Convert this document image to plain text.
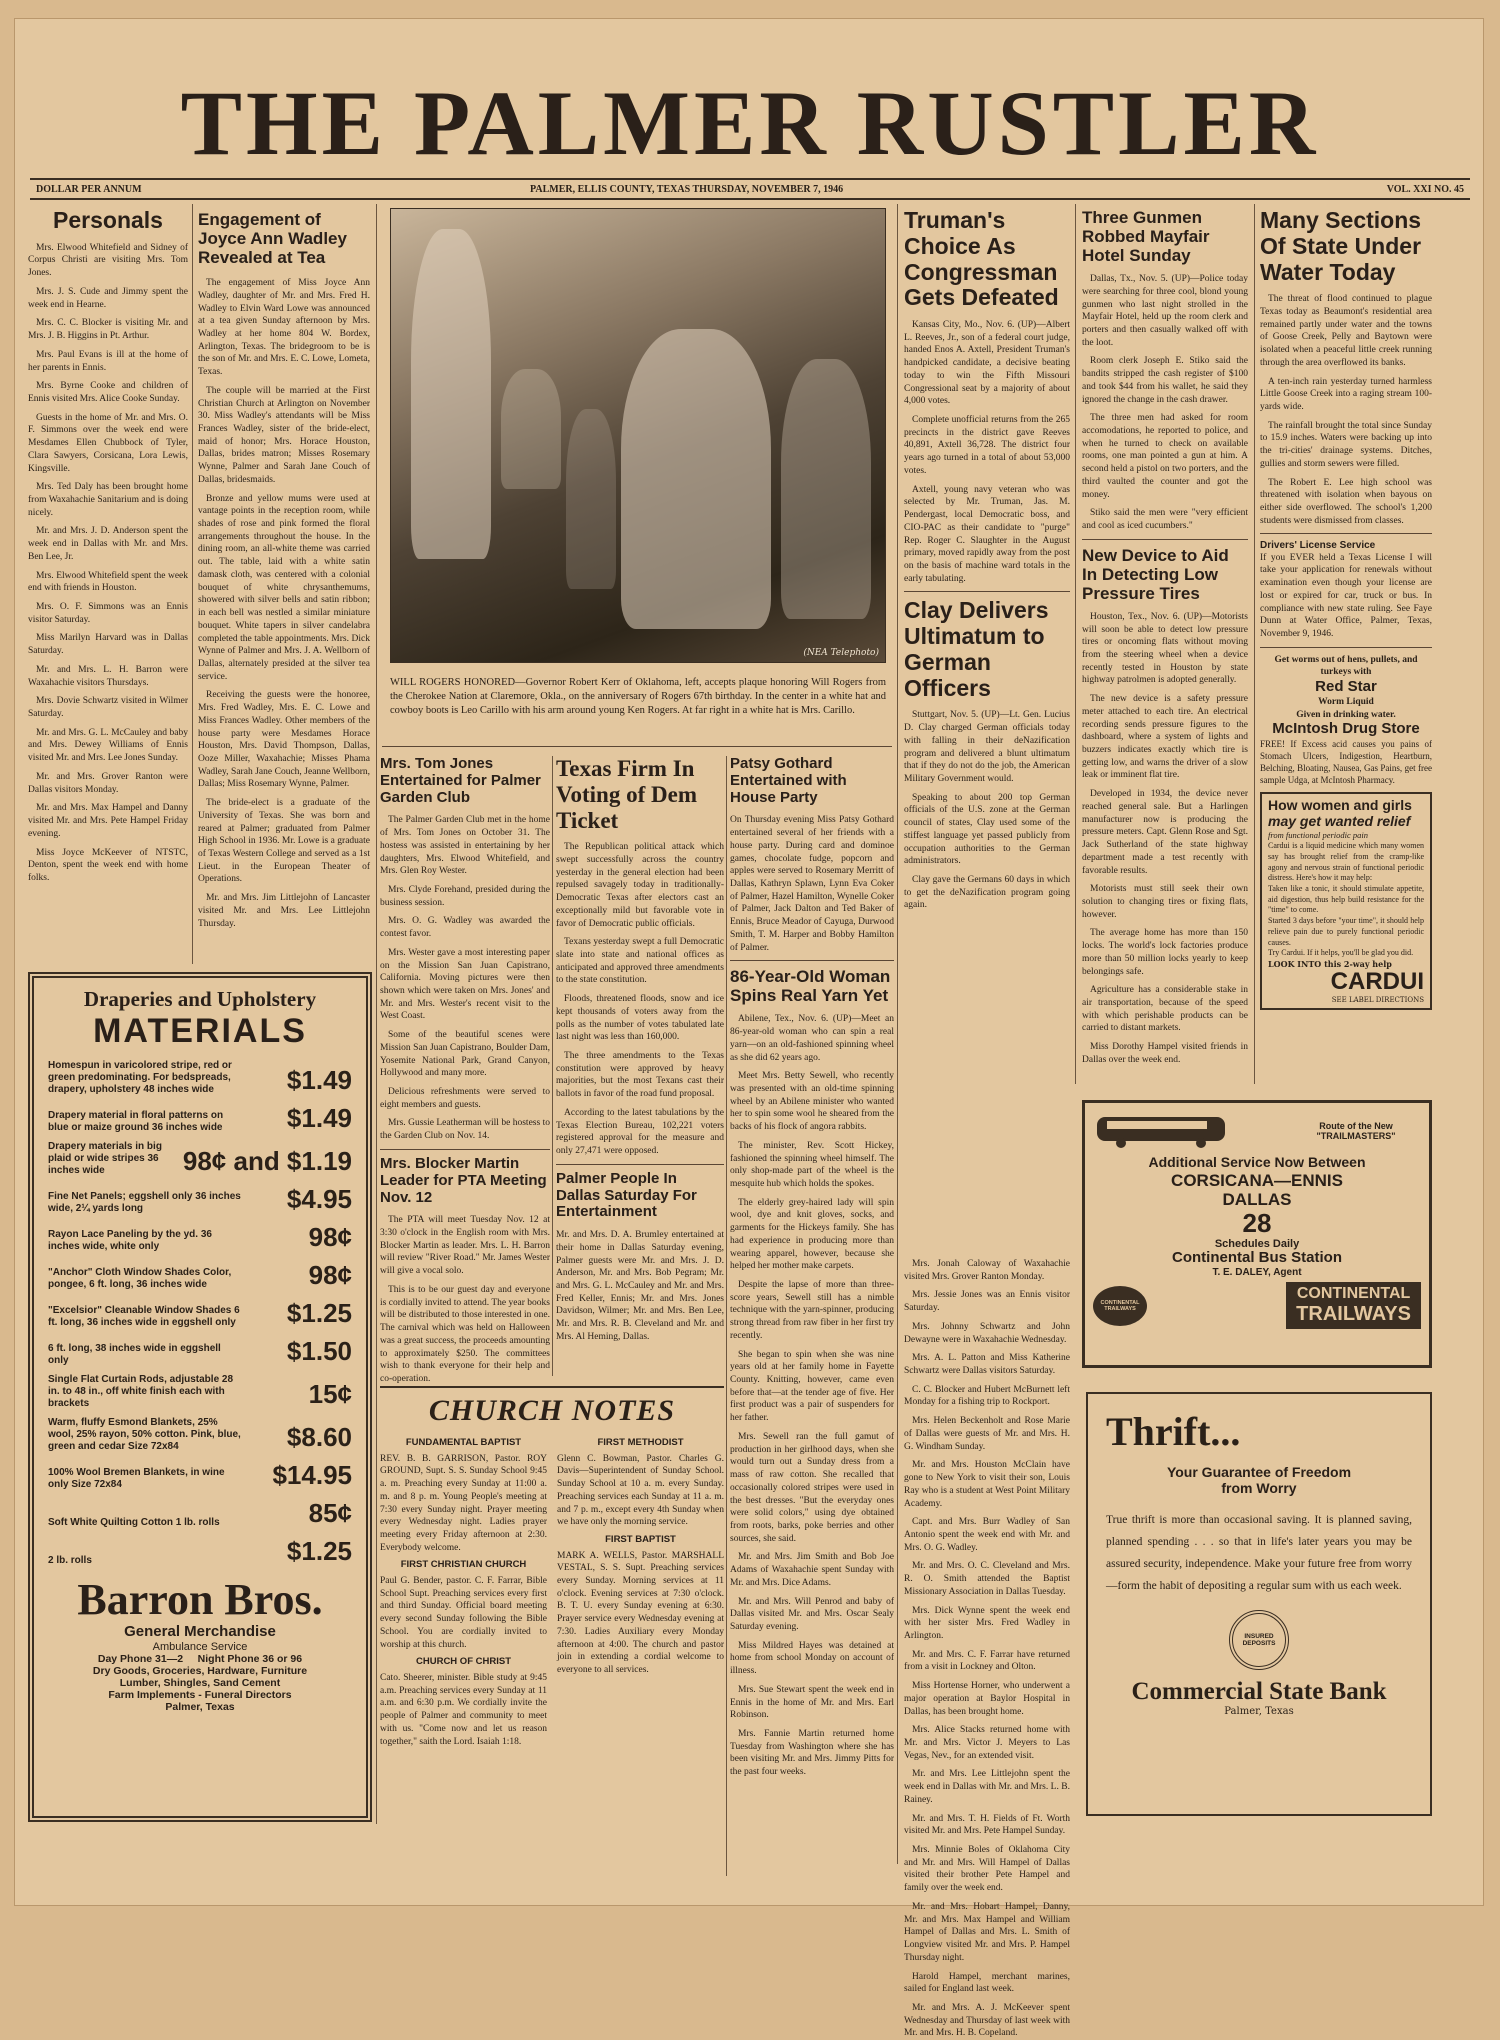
THE PALMER RUSTLER
DOLLAR PER ANNUM	PALMER, ELLIS COUNTY, TEXAS THURSDAY, NOVEMBER 7, 1946	VOL. XXI NO. 45
Personals

Mrs. Elwood Whitefield and Sidney of Corpus Christi are visiting Mrs. Tom Jones.

Mrs. J. S. Cude and Jimmy spent the week end in Hearne.

Mrs. C. C. Blocker is visiting Mr. and Mrs. J. B. Higgins in Pt. Arthur.

Mrs. Paul Evans is ill at the home of her parents in Ennis.

Mrs. Byrne Cooke and children of Ennis visited Mrs. Alice Cooke Sunday.

Guests in the home of Mr. and Mrs. O. F. Simmons over the week end were Mesdames Ellen Chubbock of Tyler, Clara Sawyers, Corsicana, Lora Lewis, Kingsville.

Mrs. Ted Daly has been brought home from Waxahachie Sanitarium and is doing nicely.

Mr. and Mrs. J. D. Anderson spent the week end in Dallas with Mr. and Mrs. Ben Lee, Jr.

Mrs. Elwood Whitefield spent the week end with friends in Houston.

Mrs. O. F. Simmons was an Ennis visitor Saturday.

Miss Marilyn Harvard was in Dallas Saturday.

Mr. and Mrs. L. H. Barron were Waxahachie visitors Thursdays.

Mrs. Dovie Schwartz visited in Wilmer Saturday.

Mr. and Mrs. G. L. McCauley and baby and Mrs. Dewey Williams of Ennis visited Mr. and Mrs. Lee Jones Sunday.

Mr. and Mrs. Grover Ranton were Dallas visitors Monday.

Mr. and Mrs. Max Hampel and Danny visited Mr. and Mrs. Pete Hampel Friday evening.

Miss Joyce McKeever of NTSTC, Denton, spent the week end with home folks.

Engagement of Joyce Ann Wadley Revealed at Tea

The engagement of Miss Joyce Ann Wadley, daughter of Mr. and Mrs. Fred H. Wadley to Elvin Ward Lowe was announced at a tea given Sunday afternoon by Mrs. Wadley at her home 804 W. Bordex, Arlington, Texas. The bridegroom to be is the son of Mr. and Mrs. E. C. Lowe, Lometa, Texas.

The couple will be married at the First Christian Church at Arlington on November 30. Miss Wadley's attendants will be Miss Frances Wadley, sister of the bride-elect, maid of honor; Mrs. Horace Houston, Dallas, brides matron; Misses Rosemary Wynne, Palmer and Sarah Jane Couch of Dallas, bridesmaids.

Bronze and yellow mums were used at vantage points in the reception room, while shades of rose and pink formed the floral arrangements throughout the house. In the dining room, an all-white theme was carried out. The table, laid with a white satin damask cloth, was centered with a colonial bouquet of white chrysanthemums, showered with silver bells and satin ribbon; in each bell was nestled a similar miniature bouquet. White tapers in silver candelabra completed the table appointments. Mrs. Dick Wynne of Palmer and Mrs. J. A. Wellborn of Dallas, alternately presided at the silver tea service.

Receiving the guests were the honoree, Mrs. Fred Wadley, Mrs. E. C. Lowe and Miss Frances Wadley. Other members of the house party were Mesdames Horace Houston, Mrs. David Thompson, Dallas, Ooze Miller, Waxahachie; Misses Phama Wadley, Sarah Jane Couch, Jeanne Wellborn, Dallas; Miss Rosemary Wynne, Palmer.

The bride-elect is a graduate of the University of Texas. She was born and reared at Palmer; graduated from Palmer High School in 1936. Mr. Lowe is a graduate of Texas Western College and served as a 1st Lieut. in the European Theater of Operations.

Mr. and Mrs. Jim Littlejohn of Lancaster visited Mr. and Mrs. Lee Littlejohn Thursday.

(NEA Telephoto)
WILL ROGERS HONORED—Governor Robert Kerr of Oklahoma, left, accepts plaque honoring Will Rogers from the Cherokee Nation at Claremore, Okla., on the anniversary of Rogers 67th birthday. In the center in a white hat and cowboy boots is Leo Carillo with his arm around young Ken Rogers. At far right in a white hat is Mrs. Carillo.
Truman's Choice As Congressman Gets Defeated

Kansas City, Mo., Nov. 6. (UP)—Albert L. Reeves, Jr., son of a federal court judge, handed Enos A. Axtell, President Truman's handpicked candidate, a decisive beating today to win the Fifth Missouri Congressional seat by a majority of about 4,000 votes.

Complete unofficial returns from the 265 precincts in the district gave Reeves 40,891, Axtell 36,728. The district four years ago turned in a total of about 53,000 votes.

Axtell, young navy veteran who was selected by Mr. Truman, Jas. M. Pendergast, local Democratic boss, and CIO-PAC as their candidate to "purge" Rep. Roger C. Slaughter in the August primary, moved rapidly away from the post on the basis of machine ward totals in the early tabulating.

Clay Delivers Ultimatum to German Officers

Stuttgart, Nov. 5. (UP)—Lt. Gen. Lucius D. Clay charged German officials today with falling in their deNazification program and delivered a blunt ultimatum that if they do not do the job, the American Military Government would.

Speaking to about 200 top German officials of the U.S. zone at the German council of states, Clay used some of the stiffest language yet passed publicly from occupation authorities to the German administrators.

Clay gave the Germans 60 days in which to get the deNazification program going again.

Three Gunmen Robbed Mayfair Hotel Sunday

Dallas, Tx., Nov. 5. (UP)—Police today were searching for three cool, blond young gunmen who last night strolled in the Mayfair Hotel, held up the room clerk and porters and then casually walked off with the loot.

Room clerk Joseph E. Stiko said the bandits stripped the cash register of $100 and took $44 from his wallet, he said they ignored the change in the cash drawer.

The three men had asked for room accomodations, he reported to police, and when he turned to check on available rooms, one man pointed a gun at him. A second held a pistol on two porters, and the third vaulted the counter and got the money.

Stiko said the men were "very efficient and cool as iced cucumbers."

New Device to Aid In Detecting Low Pressure Tires

Houston, Tex., Nov. 6. (UP)—Motorists will soon be able to detect low pressure tires or oncoming flats without moving from the steering wheel when a device recently tested in Houston by state highway patrolmen is adopted generally.

The new device is a safety pressure meter attached to each tire. An electrical recording sends pressure figures to the dashboard, where a system of lights and buzzers indicates exactly which tire is getting low, and warns the driver of a slow leak or imminent flat tire.

Developed in 1934, the device never reached general sale. But a Harlingen manufacturer now is producing the pressure meters. Capt. Glenn Rose and Sgt. Jack Sutherland of the state highway department made a test recently with favorable results.

Motorists must still seek their own solution to changing tires or fixing flats, however.

The average home has more than 150 locks. The world's lock factories produce more than 50 million locks yearly to keep belongings safe.

Agriculture has a considerable stake in air transportation, because of the speed with which perishable products can be carried to distant markets.

Miss Dorothy Hampel visited friends in Dallas over the week end.

Many Sections Of State Under Water Today

The threat of flood continued to plague Texas today as Beaumont's residential area remained partly under water and the towns of Goose Creek, Pelly and Baytown were isolated when a peaceful little creek running through the area overflowed its banks.

A ten-inch rain yesterday turned harmless Little Goose Creek into a raging stream 100-yards wide.

The rainfall brought the total since Sunday to 15.9 inches. Waters were backing up into the tri-cities' drainage systems. Ditches, gullies and storm sewers were filled.

The Robert E. Lee high school was threatened with isolation when bayous on either side overflowed. The school's 1,200 students were dismissed from classes.

Drivers' License Service
If you EVER held a Texas License I will take your application for renewals without examination even though your license are lost or expired for car, truck or bus. In compliance with new state ruling. See Faye Dunn at Water Office, Palmer, Texas, November 9, 1946.
Get worms out of hens, pullets, and turkeys with
Red Star
Worm Liquid
Given in drinking water.
McIntosh Drug Store
FREE! If Excess acid causes you pains of Stomach Ulcers, Indigestion, Heartburn, Belching, Bloating, Nausea, Gas Pains, get free sample Udga, at McIntosh Pharmacy.
How women and girls
may get wanted relief
from functional periodic pain
Cardui is a liquid medicine which many women say has brought relief from the cramp-like agony and nervous strain of functional periodic distress. Here's how it may help:
Taken like a tonic, it should stimulate appetite, aid digestion, thus help build resistance for the "time" to come.
Started 3 days before "your time", it should help relieve pain due to purely functional periodic causes.
Try Cardui. If it helps, you'll be glad you did.
LOOK INTO this 2-way help
CARDUI
SEE LABEL DIRECTIONS
Mrs. Tom Jones Entertained for Palmer Garden Club

The Palmer Garden Club met in the home of Mrs. Tom Jones on October 31. The hostess was assisted in entertaining by her daughters, Mrs. Elwood Whitefield, and Mrs. Glen Roy Wester.

Mrs. Clyde Forehand, presided during the business session.

Mrs. O. G. Wadley was awarded the contest favor.

Mrs. Wester gave a most interesting paper on the Mission San Juan Capistrano, California. Moving pictures were then shown which were taken on Mrs. Jones' and Mr. and Mrs. Wester's recent visit to the West Coast.

Some of the beautiful scenes were Mission San Juan Capistrano, Boulder Dam, Yosemite National Park, Grand Canyon, Hollywood and many more.

Delicious refreshments were served to eight members and guests.

Mrs. Gussie Leatherman will be hostess to the Garden Club on Nov. 14.

Mrs. Blocker Martin Leader for PTA Meeting Nov. 12

The PTA will meet Tuesday Nov. 12 at 3:30 o'clock in the English room with Mrs. Blocker Martin as leader. Mrs. L. H. Barron will review "River Road." Mr. James Wester will give a vocal solo.

This is to be our guest day and everyone is cordially invited to attend. The year books will be distributed to those interested in one. The carnival which was held on Halloween was a great success, the proceeds amounting to approximately $250. The committees wish to thank everyone for their help and co-operation.

Texas Firm In Voting of Dem Ticket

The Republican political attack which swept successfully across the country yesterday in the general election had been repulsed savagely today in traditionally-Democratic Texas after electors cast an exceptionally mild but favorable vote in favor of Democratic public officials.

Texans yesterday swept a full Democratic slate into state and national offices as anticipated and approved three amendments to the state constitution.

Floods, threatened floods, snow and ice kept thousands of voters away from the polls as the number of votes tabulated late last night was less than 160,000.

The three amendments to the Texas constitution were approved by heavy majorities, but the most Texans cast their ballots in favor of the road fund proposal.

According to the latest tabulations by the Texas Election Bureau, 102,221 voters registered approval for the measure and only 27,471 were opposed.

Palmer People In Dallas Saturday For Entertainment
Mr. and Mrs. D. A. Brumley entertained at their home in Dallas Saturday evening, Palmer guests were Mr. and Mrs. J. D. Anderson, Mr. and Mrs. Bob Pegram; Mr. and Mrs. G. L. McCauley and Mr. and Mrs. Fred Keller, Ennis; Mr. and Mrs. Jones Davidson, Wilmer; Mr. and Mrs. Ben Lee, Mr. and Mrs. R. B. Cleveland and Mr. and Mrs. Al Heming, Dallas.
Patsy Gothard Entertained with House Party
On Thursday evening Miss Patsy Gothard entertained several of her friends with a house party. During card and dominoe games, chocolate fudge, popcorn and apples were served to Rosemary Merritt of Dallas, Kathryn Splawn, Lynn Eva Coker of Palmer, Hazel Hamilton, Wynelle Coker of Palmer, Jack Dalton and Ted Baker of Ennis, Bruce Meador of Cayuga, Durwood Smith, T. M. Harper and Bobby Hamilton of Palmer.
86-Year-Old Woman Spins Real Yarn Yet

Abilene, Tex., Nov. 6. (UP)—Meet an 86-year-old woman who can spin a real yarn—on an old-fashioned spinning wheel as she did 62 years ago.

Meet Mrs. Betty Sewell, who recently was presented with an old-time spinning wheel by an Abilene minister who wanted her to spin some wool he sheared from the backs of his flock of angora rabbits.

The minister, Rev. Scott Hickey, fashioned the spinning wheel himself. The only shop-made part of the wheel is the mesquite hub which holds the spokes.

The elderly grey-haired lady will spin wool, dye and knit gloves, socks, and garments for the Hickeys family. She has had experience in producing more than wearing apparel, however, because she helped her mother make carpets.

Despite the lapse of more than three-score years, Sewell still has a nimble technique with the yarn-spinner, producing strong thread from raw fiber in her first try recently.

She began to spin when she was nine years old at her family home in Fayette County. Knitting, however, came even before that—at the tender age of five. Her first product was a pair of suspenders for her father.

Mrs. Sewell ran the full gamut of production in her girlhood days, when she would turn out a Sunday dress from a mass of raw cotton. She recalled that occasionally colored stripes were used in the best dresses. "But the everyday ones were solid colors," using dye obtained from roots, barks, poke berries and other sources, she said.

Mr. and Mrs. Jim Smith and Bob Joe Adams of Waxahachie spent Sunday with Mr. and Mrs. Dice Adams.

Mr. and Mrs. Will Penrod and baby of Dallas visited Mr. and Mrs. Oscar Sealy Saturday evening.

Miss Mildred Hayes was detained at home from school Monday on account of illness.

Mrs. Sue Stewart spent the week end in Ennis in the home of Mr. and Mrs. Earl Robinson.

Mrs. Fannie Martin returned home Tuesday from Washington where she has been visiting Mr. and Mrs. Jimmy Pitts for the past four weeks.

Mrs. Jonah Caloway of Waxahachie visited Mrs. Grover Ranton Monday.

Mrs. Jessie Jones was an Ennis visitor Saturday.

Mrs. Johnny Schwartz and John Dewayne were in Waxahachie Wednesday.

Mrs. A. L. Patton and Miss Katherine Schwartz were Dallas visitors Saturday.

C. C. Blocker and Hubert McBurnett left Monday for a fishing trip to Rockport.

Mrs. Helen Beckenholt and Rose Marie of Dallas were guests of Mr. and Mrs. H. G. Windham Sunday.

Mr. and Mrs. Houston McClain have gone to New York to visit their son, Louis Ray who is a student at West Point Military Academy.

Capt. and Mrs. Burr Wadley of San Antonio spent the week end with Mr. and Mrs. O. G. Wadley.

Mr. and Mrs. O. C. Cleveland and Mrs. R. O. Smith attended the Baptist Missionary Association in Dallas Tuesday.

Mrs. Dick Wynne spent the week end with her sister Mrs. Fred Wadley in Arlington.

Mr. and Mrs. C. F. Farrar have returned from a visit in Lockney and Olton.

Miss Hortense Horner, who underwent a major operation at Baylor Hospital in Dallas, has been brought home.

Mrs. Alice Stacks returned home with Mr. and Mrs. Victor J. Meyers to Las Vegas, Nev., for an extended visit.

Mr. and Mrs. Lee Littlejohn spent the week end in Dallas with Mr. and Mrs. L. B. Rainey.

Mr. and Mrs. T. H. Fields of Ft. Worth visited Mr. and Mrs. Pete Hampel Sunday.

Mrs. Minnie Boles of Oklahoma City and Mr. and Mrs. Will Hampel of Dallas visited their brother Pete Hampel and family over the week end.

Mr. and Mrs. Hobart Hampel, Danny, Mr. and Mrs. Max Hampel and William Hampel of Dallas and Mrs. L. Smith of Longview visited Mr. and Mrs. P. Hampel Thursday night.

Harold Hampel, merchant marines, sailed for England last week.

Mr. and Mrs. A. J. McKeever spent Wednesday and Thursday of last week with Mr. and Mrs. H. B. Copeland.

CHURCH NOTES
FUNDAMENTAL BAPTIST
REV. B. B. GARRISON, Pastor. ROY GROUND, Supt. S. S. Sunday School 9:45 a. m. Preaching every Sunday at 11:00 a. m. and 8 p. m. Young People's meeting at 7:30 every Sunday night. Prayer meeting every Wednesday night. Ladies prayer meeting every Friday afternoon at 2:30. Everybody welcome.
FIRST CHRISTIAN CHURCH
Paul G. Bender, pastor. C. F. Farrar, Bible School Supt. Preaching services every first and third Sunday. Official board meeting every second Sunday following the Bible School. You are cordially invited to worship at this church.
CHURCH OF CHRIST
Cato. Sheerer, minister. Bible study at 9:45 a.m. Preaching services every Sunday at 11 a.m. and 6:30 p.m. We cordially invite the people of Palmer and community to meet with us. "Come now and let us reason together," saith the Lord. Isaiah 1:18.
FIRST METHODIST
Glenn C. Bowman, Pastor. Charles G. Davis—Superintendent of Sunday School. Sunday School at 10 a. m. every Sunday. Preaching services each Sunday at 11 a. m. and 7 p. m., except every 4th Sunday when we have only the morning service.
FIRST BAPTIST
MARK A. WELLS, Pastor. MARSHALL VESTAL, S. S. Supt. Preaching services every Sunday. Morning services at 11 o'clock. Evening services at 7:30 o'clock. B. T. U. every Sunday evening at 6:30. Prayer service every Wednesday evening at 7:30. Ladies Auxiliary every Monday afternoon at 4:00. The church and pastor join in extending a cordial welcome to everyone to all services.
Draperies and Upholstery
MATERIALS
Homespun in varicolored stripe, red or green predominating. For bedspreads, drapery, upholstery 48 inches wide	$1.49
Drapery material in floral patterns on blue or maize ground 36 inches wide	$1.49
Drapery materials in big plaid or wide stripes 36 inches wide	98¢ and $1.19
Fine Net Panels; eggshell only 36 inches wide, 2¼ yards long	$4.95
Rayon Lace Paneling by the yd. 36 inches wide, white only	98¢
"Anchor" Cloth Window Shades Color, pongee, 6 ft. long, 36 inches wide	98¢
"Excelsior" Cleanable Window Shades 6 ft. long, 36 inches wide in eggshell only $1.25
6 ft. long, 38 inches wide in eggshell only	$1.50
Single Flat Curtain Rods, adjustable 28 in. to 48 in., off white finish each with brackets	15¢
Warm, fluffy Esmond Blankets, 25% wool, 25% rayon, 50% cotton. Pink, blue, green and cedar Size 72x84	$8.60
100% Wool Bremen Blankets, in wine only Size 72x84	$14.95
Soft White Quilting Cotton 1 lb. rolls	85¢
2 lb. rolls	$1.25
Barron Bros.
General Merchandise
Ambulance Service
Day Phone 31—2     Night Phone 36 or 96
Dry Goods, Groceries, Hardware, Furniture
Lumber, Shingles, Sand Cement
Farm Implements - Funeral Directors
Palmer, Texas
Route of the New "TRAILMASTERS"
Additional Service Now Between
CORSICANA—ENNIS
DALLAS
28
Schedules Daily
Continental Bus Station
T. E. DALEY, Agent
CONTINENTAL TRAILWAYS
CONTINENTAL
TRAILWAYS
Thrift...
Your Guarantee of Freedom
from Worry
True thrift is more than occasional saving. It is planned saving, planned spending . . . so that in life's later years you may be assured security, independence. Make your future free from worry —form the habit of depositing a regular sum with us each week.
INSURED DEPOSITS
Commercial State Bank
Palmer, Texas
